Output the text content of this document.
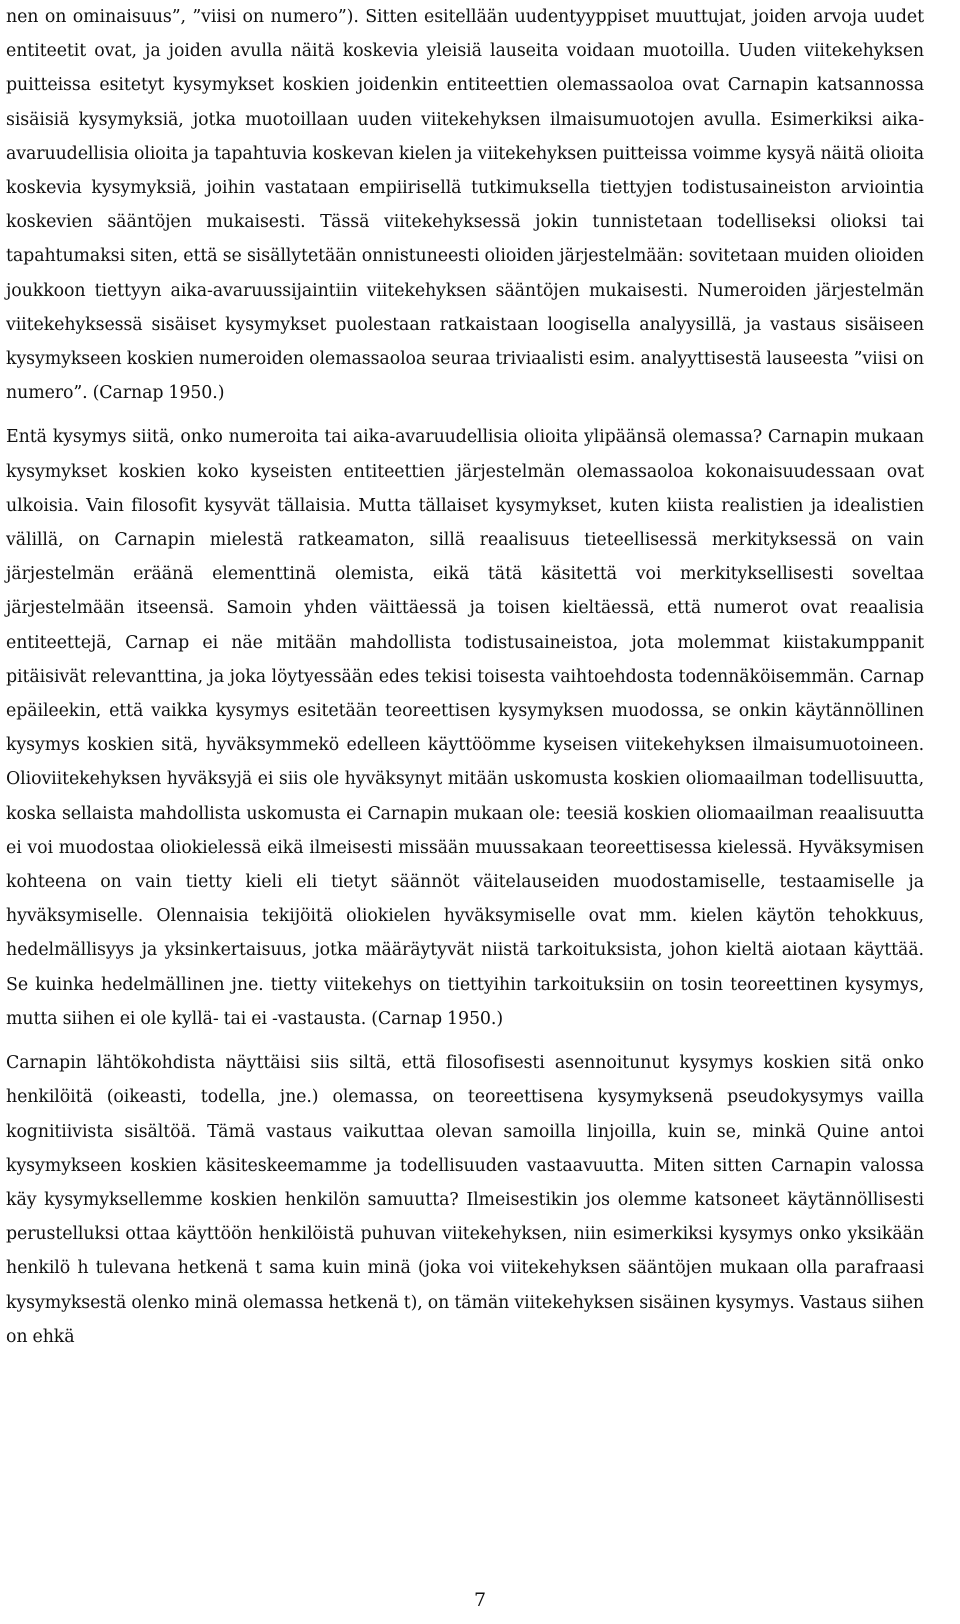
nen on ominaisuus”, ”viisi on numero”). Sitten esitellään uudentyyppiset muuttujat, joiden arvoja uudet entiteetit ovat, ja joiden avulla näitä koskevia yleisiä lauseita voidaan muotoilla. Uuden viitekehyksen puitteissa esitetyt kysymykset koskien joidenkin entiteettien olemassaoloa ovat Carnapin katsannossa sisäisiä kysymyksiä, jotka muotoillaan uuden viitekehyksen ilmaisumuotojen avulla. Esimerkiksi aika-avaruudellisia olioita ja tapahtuvia koskevan kielen ja viitekehyksen puitteissa voimme kysyä näitä olioita koskevia kysymyksiä, joihin vastataan empiirisellä tutkimuksella tiettyjen todistusaineiston arviointia koskevien sääntöjen mukaisesti. Tässä viitekehyksessä jokin tunnistetaan todelliseksi olioksi tai tapahtumaksi siten, että se sisällytetään onnistuneesti olioiden järjestelmään: sovitetaan muiden olioiden joukkoon tiettyyn aika-avaruussijaintiin viitekehyksen sääntöjen mukaisesti. Numeroiden järjestelmän viitekehyksessä sisäiset kysymykset puolestaan ratkaistaan loogisella analyysillä, ja vastaus sisäiseen kysymykseen koskien numeroiden olemassaoloa seuraa triviaalisti esim. analyyttisestä lauseesta ”viisi on numero”. (Carnap 1950.)

Entä kysymys siitä, onko numeroita tai aika-avaruudellisia olioita ylipäänsä olemassa? Carnapin mukaan kysymykset koskien koko kyseisten entiteettien järjestelmän olemassaoloa kokonaisuudessaan ovat ulkoisia. Vain filosofit kysyvät tällaisia. Mutta tällaiset kysymykset, kuten kiista realistien ja idealistien välillä, on Carnapin mielestä ratkeamaton, sillä reaalisuus tieteellisessä merkityksessä on vain järjestelmän eräänä elementtinä olemista, eikä tätä käsitettä voi merkityksellisesti soveltaa järjestelmään itseensä. Samoin yhden väittäessä ja toisen kieltäessä, että numerot ovat reaalisia entiteettejä, Carnap ei näe mitään mahdollista todistusaineistoa, jota molemmat kiistakumppanit pitäisivät relevanttina, ja joka löytyessään edes tekisi toisesta vaihtoehdosta todennäköisemmän. Carnap epäileekin, että vaikka kysymys esitetään teoreettisen kysymyksen muodossa, se onkin käytännöllinen kysymys koskien sitä, hyväksymmekö edelleen käyttöömme kyseisen viitekehyksen ilmaisumuotoineen. Olioviitekehyksen hyväksyjä ei siis ole hyväksynyt mitään uskomusta koskien oliomaailman todellisuutta, koska sellaista mahdollista uskomusta ei Carnapin mukaan ole: teesiä koskien oliomaailman reaalisuutta ei voi muodostaa oliokielessä eikä ilmeisesti missään muussakaan teoreettisessa kielessä. Hyväksymisen kohteena on vain tietty kieli eli tietyt säännöt väitelauseiden muodostamiselle, testaamiselle ja hyväksymiselle. Olennaisia tekijöitä oliokielen hyväksymiselle ovat mm. kielen käytön tehokkuus, hedelmällisyys ja yksinkertaisuus, jotka määräytyvät niistä tarkoituksista, johon kieltä aiotaan käyttää. Se kuinka hedelmällinen jne. tietty viitekehys on tiettyihin tarkoituksiin on tosin teoreettinen kysymys, mutta siihen ei ole kyllä- tai ei -vastausta. (Carnap 1950.)

Carnapin lähtökohdista näyttäisi siis siltä, että filosofisesti asennoitunut kysymys koskien sitä onko henkilöitä (oikeasti, todella, jne.) olemassa, on teoreettisena kysymyksenä pseudokysymys vailla kognitiivista sisältöä. Tämä vastaus vaikuttaa olevan samoilla linjoilla, kuin se, minkä Quine antoi kysymykseen koskien käsiteskeemamme ja todellisuuden vastaavuutta. Miten sitten Carnapin valossa käy kysymyksellemme koskien henkilön samuutta? Ilmeisestikin jos olemme katsoneet käytännöllisesti perustelluksi ottaa käyttöön henkilöistä puhuvan viitekehyksen, niin esimerkiksi kysymys onko yksikään henkilö h tulevana hetkenä t sama kuin minä (joka voi viitekehyksen sääntöjen mukaan olla parafraasi kysymyksestä olenko minä olemassa hetkenä t), on tämän viitekehyksen sisäinen kysymys. Vastaus siihen on ehkä

7
